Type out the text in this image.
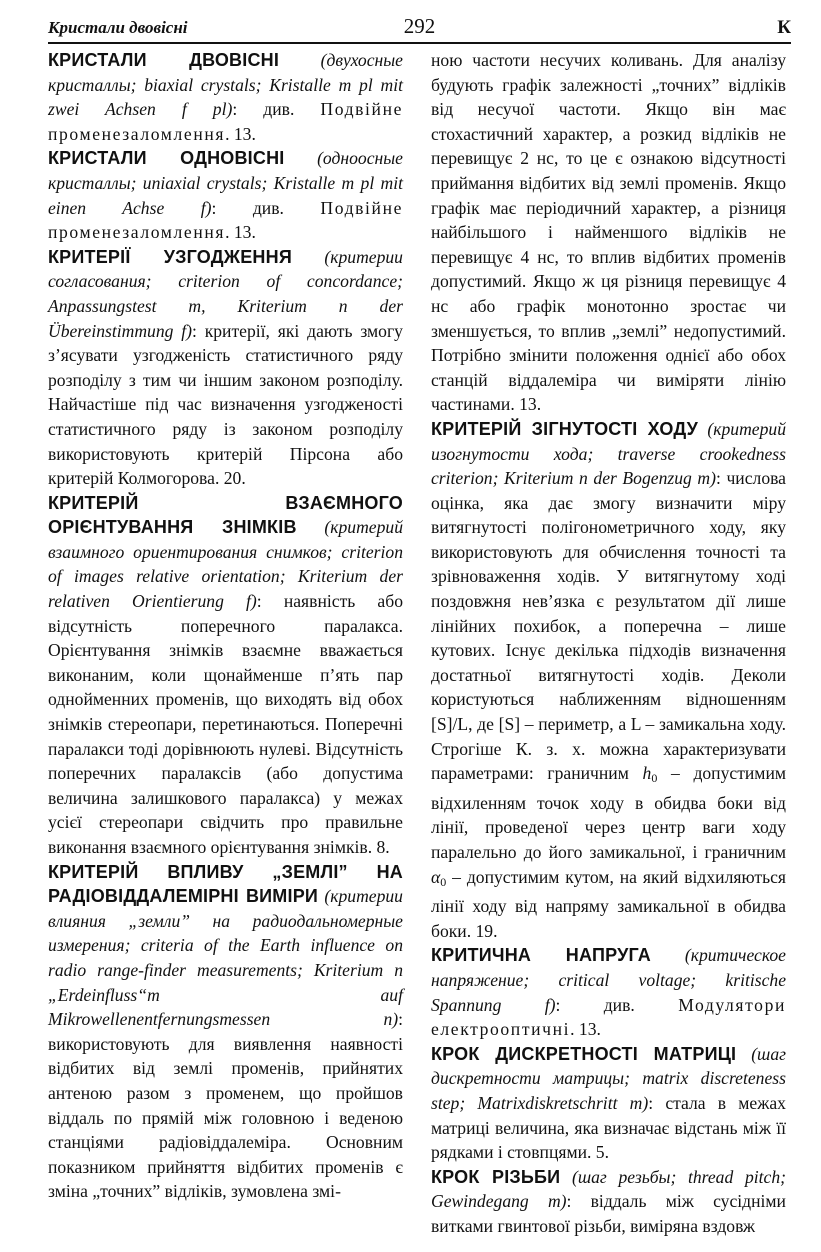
Кристали двовісні	292	К

КРИСТАЛИ ДВОВІСНІ (двухосные кристаллы; biaxial crystals; Kristalle m pl mit zwei Achsen f pl): див. Подвійне променезаломлення. 13.

КРИСТАЛИ ОДНОВІСНІ (одноосные кристаллы; uniaxial crystals; Kristalle m pl mit einen Achse f): див. Подвійне променезаломлення. 13.

КРИТЕРІЇ УЗГОДЖЕННЯ (критерии согласования; criterion of concordance; Anpassungstest m, Kriterium n der Übereinstimmung f): критерії, які дають змогу з’ясувати узгодженість статистичного ряду розподілу з тим чи іншим законом розподілу. Найчастіше під час визначення узгодженості статистичного ряду із законом розподілу використовують критерій Пірсона або критерій Колмогорова. 20.

КРИТЕРІЙ ВЗАЄМНОГО ОРІЄНТУВАННЯ ЗНІМКІВ (критерий взаимного ориентирования снимков; criterion of images relative orientation; Kriterium der relativen Orientierung f): наявність або відсутність поперечного паралакса. Орієнтування знімків взаємне вважається виконаним, коли щонайменше п’ять пар однойменних променів, що виходять від обох знімків стереопари, перетинаються. Поперечні паралакси тоді дорівнюють нулеві. Відсутність поперечних паралаксів (або допустима величина залишкового паралакса) у межах усієї стереопари свідчить про правильне виконання взаємного орієнтування знімків. 8.

КРИТЕРІЙ ВПЛИВУ „ЗЕМЛІ” НА РАДІОВІДДАЛЕМІРНІ ВИМІРИ (критерии влияния „земли” на радиодальномерные измерения; criteria of the Earth influence on radio range-finder measurements; Kriterium n „Erdeinfluss“m auf Mikrowellenentfernungsmessen n): використовують для виявлення наявності відбитих від землі променів, прийнятих антеною разом з променем, що пройшов віддаль по прямій між головною і веденою станціями радіовіддалеміра. Основним показником прийняття відбитих променів є зміна „точних” відліків, зумовлена змі-

ною частоти несучих коливань. Для аналізу будують графік залежності „точних” відліків від несучої частоти. Якщо він має стохастичний характер, а розкид відліків не перевищує 2 нс, то це є ознакою відсутності приймання відбитих від землі променів. Якщо графік має періодичний характер, а різниця найбільшого і найменшого відліків не перевищує 4 нс, то вплив відбитих променів допустимий. Якщо ж ця різниця перевищує 4 нс або графік монотонно зростає чи зменшується, то вплив „землі” недопустимий. Потрібно змінити положення однієї або обох станцій віддалеміра чи виміряти лінію частинами. 13.

КРИТЕРІЙ ЗІГНУТОСТІ ХОДУ (критерий изогнутости хода; traverse crookedness criterion; Kriterium n der Bogenzug m): числова оцінка, яка дає змогу визначити міру витягнутості полігонометричного ходу, яку використовують для обчислення точності та зрівноваження ходів. У витягнутому ході поздовжня нев’язка є результатом дії лише лінійних похибок, а поперечна – лише кутових. Існує декілька підходів визначення достатньої витягнутості ходів. Деколи користуються наближенням відношенням [S]/L, де [S] – периметр, а L – замикальна ходу. Строгіше К. з. х. можна характеризувати параметрами: граничним $h_0$ – допустимим відхиленням точок ходу в обидва боки від лінії, проведеної через центр ваги ходу паралельно до його замикальної, і граничним $\alpha_0$ – допустимим кутом, на який відхиляються лінії ходу від напряму замикальної в обидва боки. 19.

КРИТИЧНА НАПРУГА (критическое напряжение; critical voltage; kritische Spannung f): див. Модулятори електрооптичні. 13.

КРОК ДИСКРЕТНОСТІ МАТРИЦІ (шаг дискретности матрицы; matrix discreteness step; Matrixdiskretschritt m): стала в межах матриці величина, яка визначає відстань між її рядками і стовпцями. 5.

КРОК РІЗЬБИ (шаг резьбы; thread pitch; Gewindegang m): віддаль між сусідніми витками гвинтової різьби, виміряна вздовж
